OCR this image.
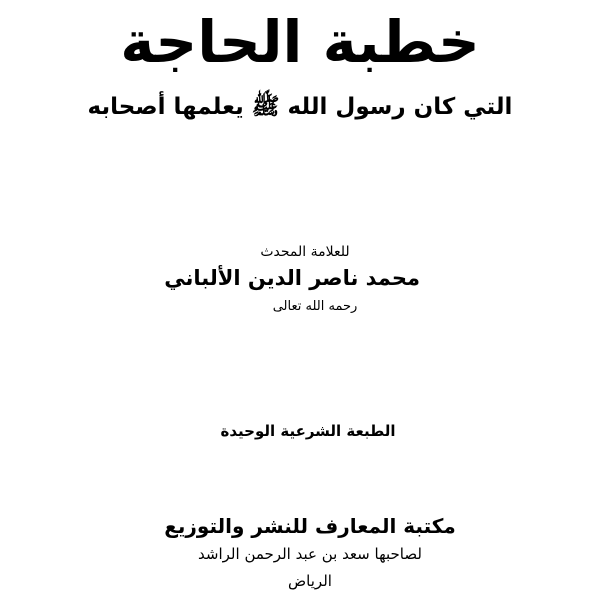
خطبة الحاجة
التي كان رسول الله ﷺ يعلمها أصحابه
للعلامة المحدث
محمد ناصر الدين الألباني
رحمه الله تعالى
الطبعة الشرعية الوحيدة
مكتبة المعارف للنشر والتوزيع
لصاحبها سعد بن عبد الرحمن الراشد
الرياض
